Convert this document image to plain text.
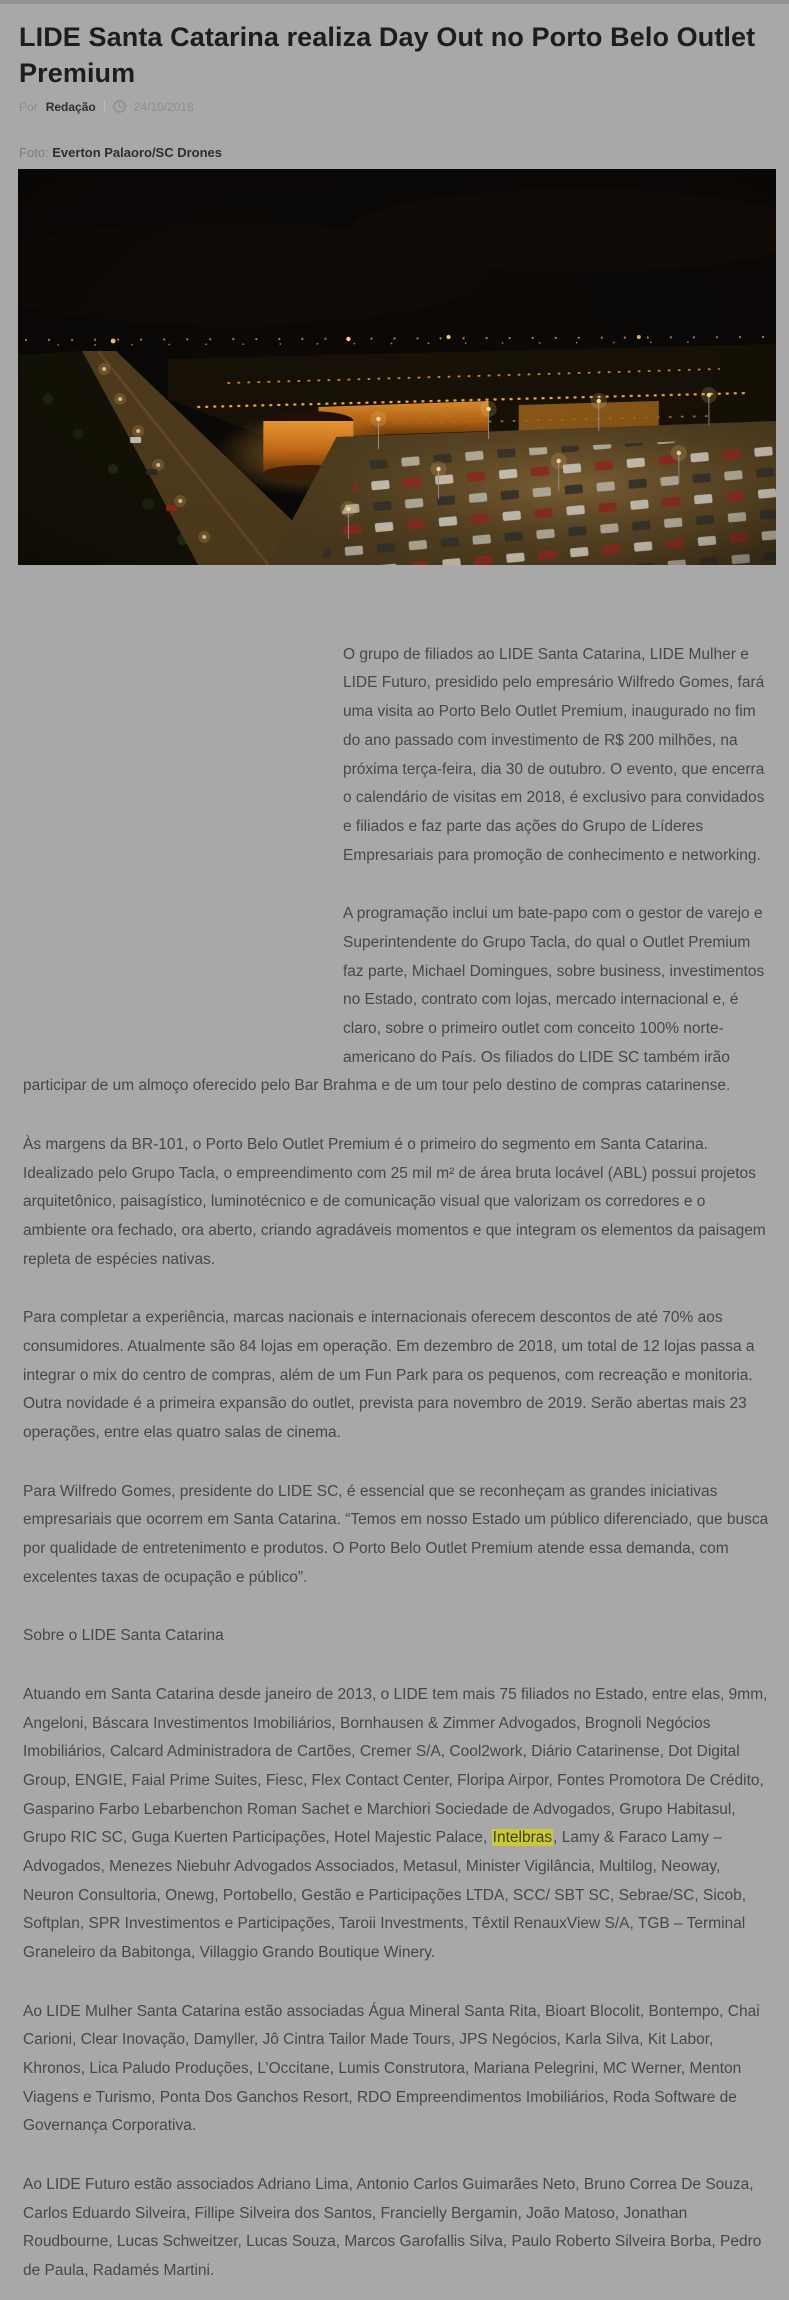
LIDE Santa Catarina realiza Day Out no Porto Belo Outlet Premium
Por Redação	24/10/2018
Foto: Everton Palaoro/SC Drones

O grupo de filiados ao LIDE Santa Catarina, LIDE Mulher e LIDE Futuro, presidido pelo empresário Wilfredo Gomes, fará uma visita ao Porto Belo Outlet Premium, inaugurado no fim do ano passado com investimento de R$ 200 milhões, na próxima terça-feira, dia 30 de outubro. O evento, que encerra o calendário de visitas em 2018, é exclusivo para convidados e filiados e faz parte das ações do Grupo de Líderes Empresariais para promoção de conhecimento e networking.

A programação inclui um bate-papo com o gestor de varejo e Superintendente do Grupo Tacla, do qual o Outlet Premium faz parte, Michael Domingues, sobre business, investimentos no Estado, contrato com lojas, mercado internacional e, é claro, sobre o primeiro outlet com conceito 100% norte-americano do País. Os filiados do LIDE SC também irão participar de um almoço oferecido pelo Bar Brahma e de um tour pelo destino de compras catarinense.

Às margens da BR-101, o Porto Belo Outlet Premium é o primeiro do segmento em Santa Catarina. Idealizado pelo Grupo Tacla, o empreendimento com 25 mil m² de área bruta locável (ABL) possui projetos arquitetônico, paisagístico, luminotécnico e de comunicação visual que valorizam os corredores e o ambiente ora fechado, ora aberto, criando agradáveis momentos e que integram os elementos da paisagem repleta de espécies nativas.

Para completar a experiência, marcas nacionais e internacionais oferecem descontos de até 70% aos consumidores. Atualmente são 84 lojas em operação. Em dezembro de 2018, um total de 12 lojas passa a integrar o mix do centro de compras, além de um Fun Park para os pequenos, com recreação e monitoria. Outra novidade é a primeira expansão do outlet, prevista para novembro de 2019. Serão abertas mais 23 operações, entre elas quatro salas de cinema.

Para Wilfredo Gomes, presidente do LIDE SC, é essencial que se reconheçam as grandes iniciativas empresariais que ocorrem em Santa Catarina. “Temos em nosso Estado um público diferenciado, que busca por qualidade de entretenimento e produtos. O Porto Belo Outlet Premium atende essa demanda, com excelentes taxas de ocupação e público”.

Sobre o LIDE Santa Catarina

Atuando em Santa Catarina desde janeiro de 2013, o LIDE tem mais 75 filiados no Estado, entre elas, 9mm, Angeloni, Báscara Investimentos Imobiliários, Bornhausen & Zimmer Advogados, Brognoli Negócios Imobiliários, Calcard Administradora de Cartões, Cremer S/A, Cool2work, Diário Catarinense, Dot Digital Group, ENGIE, Faial Prime Suites, Fiesc, Flex Contact Center, Floripa Airpor, Fontes Promotora De Crédito, Gasparino Farbo Lebarbenchon Roman Sachet e Marchiori Sociedade de Advogados, Grupo Habitasul, Grupo RIC SC, Guga Kuerten Participações, Hotel Majestic Palace, Intelbras, Lamy & Faraco Lamy – Advogados, Menezes Niebuhr Advogados Associados, Metasul, Minister Vigilância, Multilog, Neoway, Neuron Consultoria, Onewg, Portobello, Gestão e Participações LTDA, SCC/ SBT SC, Sebrae/SC, Sicob, Softplan, SPR Investimentos e Participações, Taroii Investments, Têxtil RenauxView S/A, TGB – Terminal Graneleiro da Babitonga, Villaggio Grando Boutique Winery.

Ao LIDE Mulher Santa Catarina estão associadas Água Mineral Santa Rita, Bioart Blocolit, Bontempo, Chai Carioni, Clear Inovação, Damyller, Jô Cintra Tailor Made Tours, JPS Negócios, Karla Silva, Kit Labor, Khronos, Lica Paludo Produções, L’Occitane, Lumis Construtora, Mariana Pelegrini, MC Werner, Menton Viagens e Turismo, Ponta Dos Ganchos Resort, RDO Empreendimentos Imobiliários, Roda Software de Governança Corporativa.

Ao LIDE Futuro estão associados Adriano Lima, Antonio Carlos Guimarães Neto, Bruno Correa De Souza, Carlos Eduardo Silveira, Fillipe Silveira dos Santos, Francielly Bergamin, João Matoso, Jonathan Roudbourne, Lucas Schweitzer, Lucas Souza, Marcos Garofallis Silva, Paulo Roberto Silveira Borba, Pedro de Paula, Radamés Martini.
